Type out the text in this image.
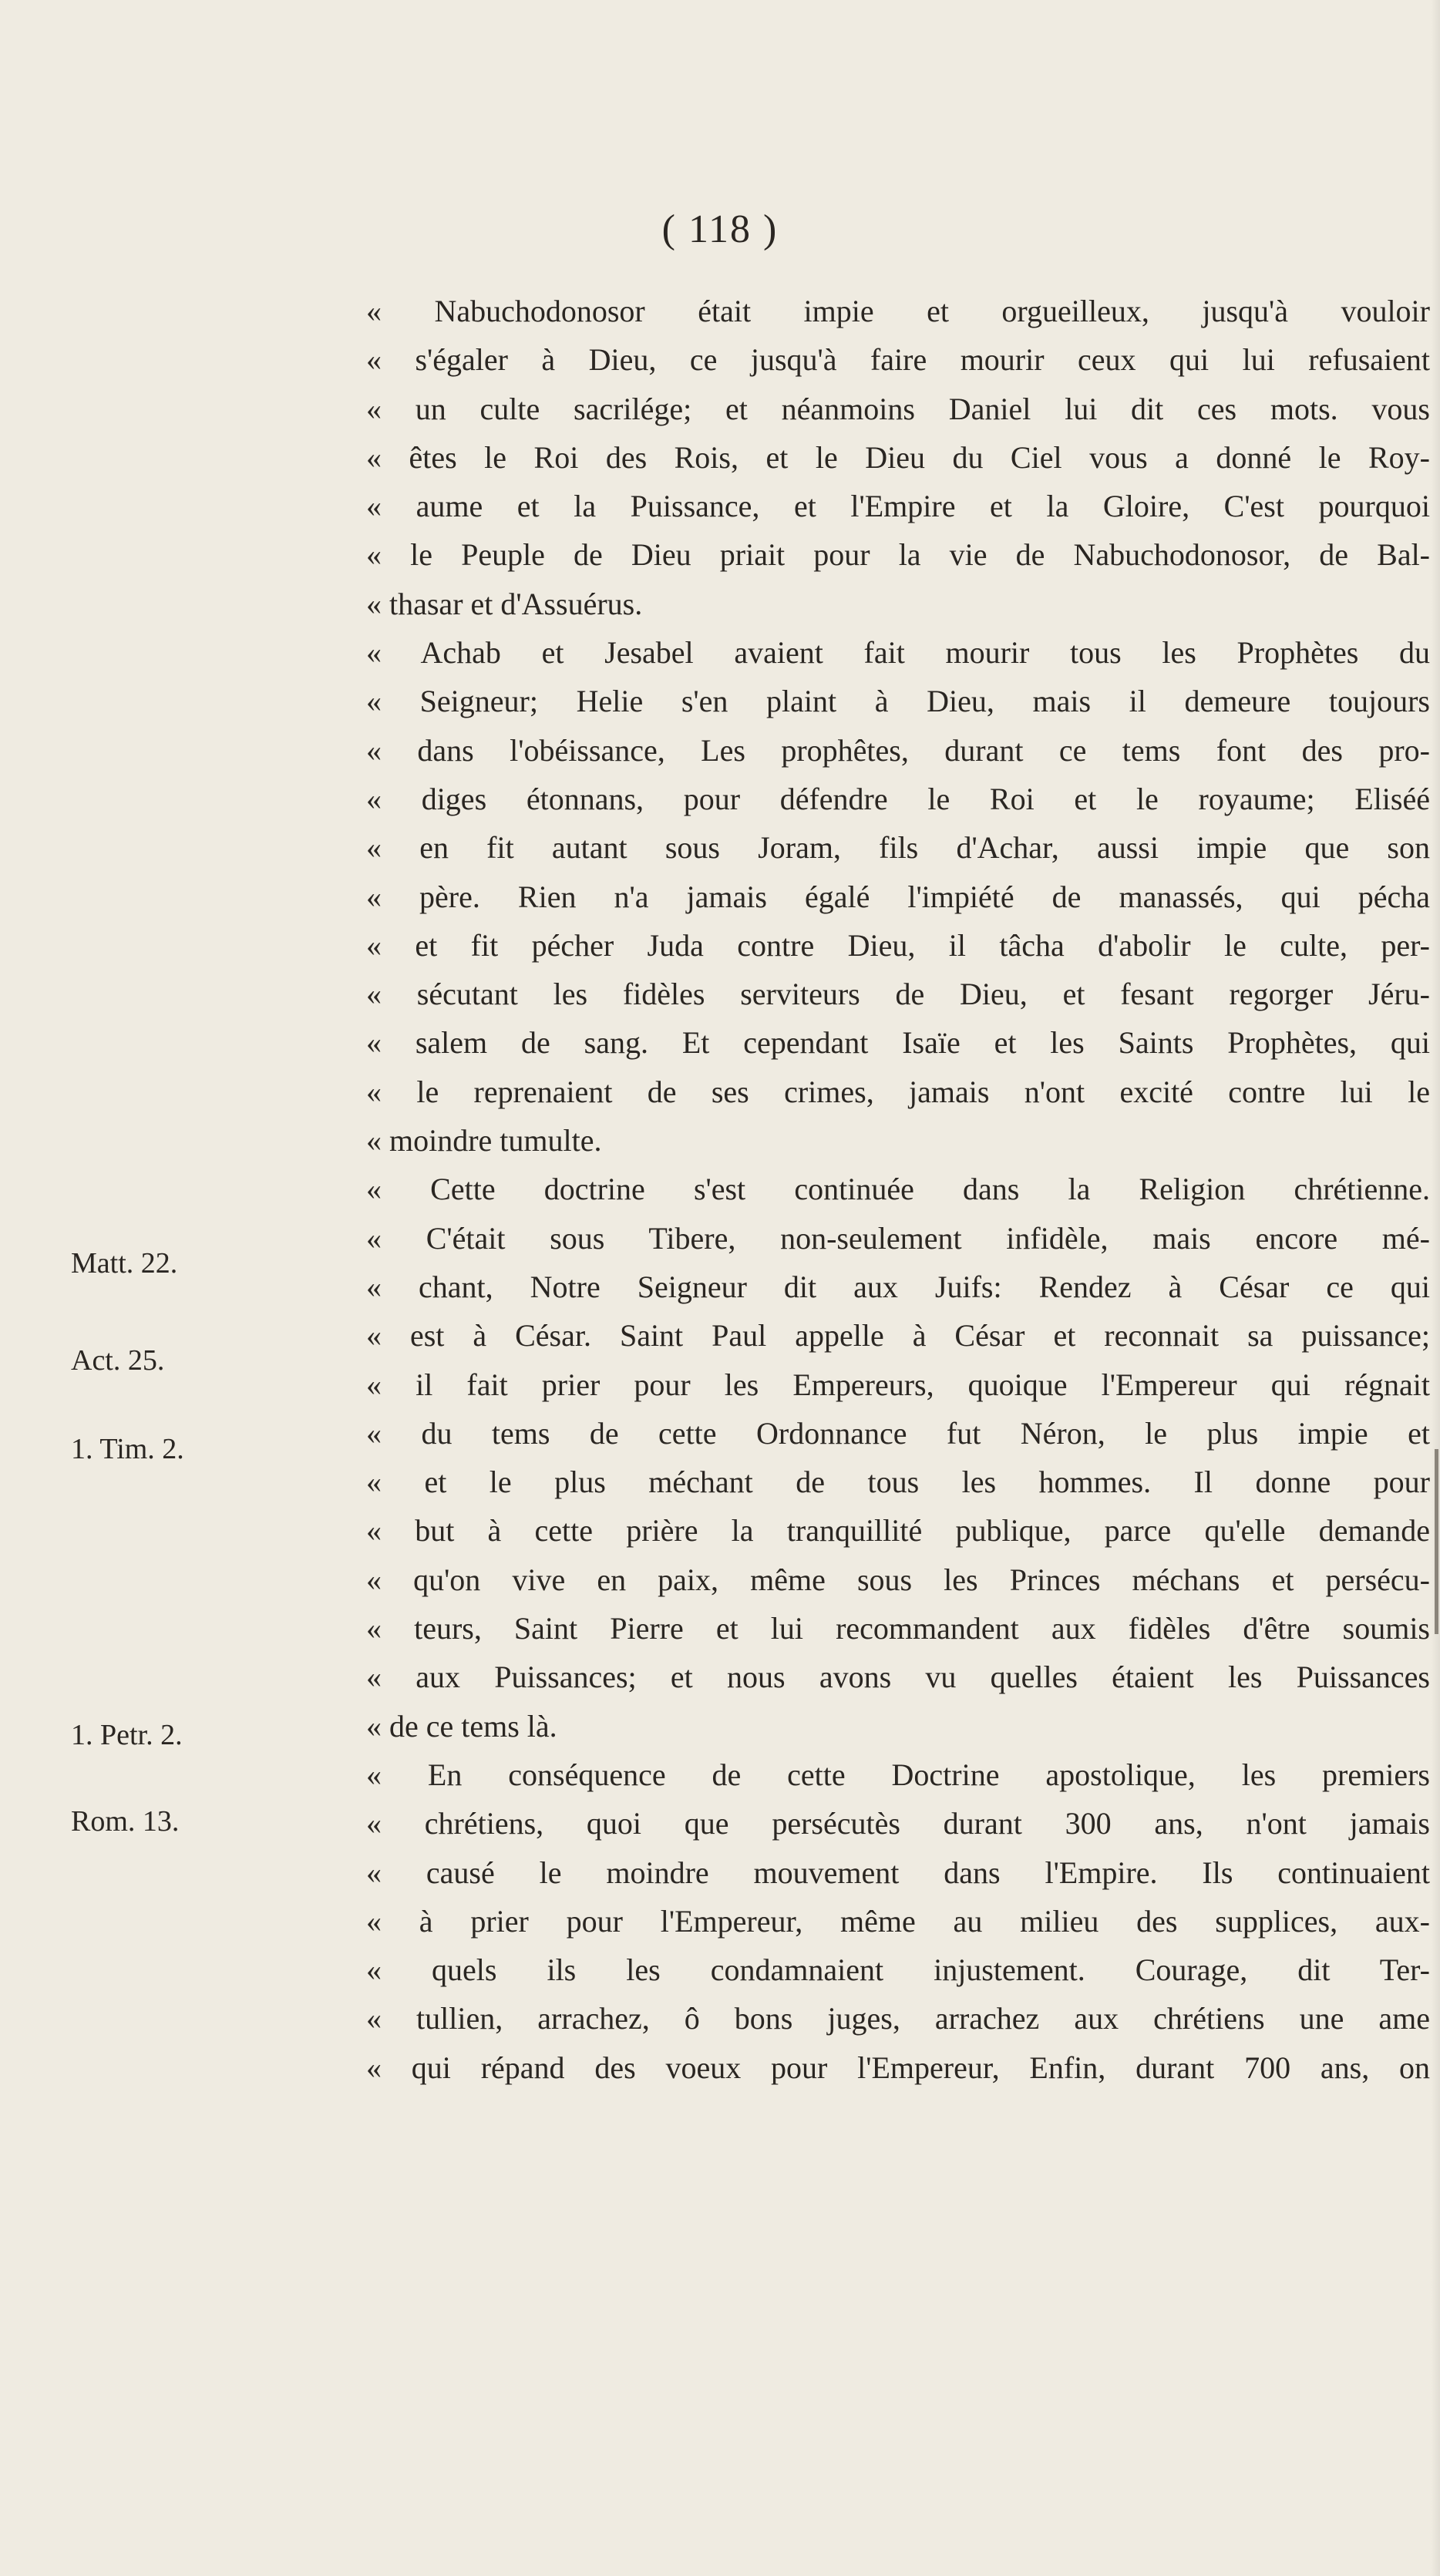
( 118 )
Matt. 22.
Act. 25.
1. Tim. 2.
1. Petr. 2.
Rom. 13.
« Nabuchodonosor était impie et orgueilleux, jusqu'à vouloir
« s'égaler à Dieu, ce jusqu'à faire mourir ceux qui lui refusaient
« un culte sacrilége; et néanmoins Daniel lui dit ces mots. vous
« êtes le Roi des Rois, et le Dieu du Ciel vous a donné le Roy-
« aume et la Puissance, et l'Empire et la Gloire, C'est pourquoi
« le Peuple de Dieu priait pour la vie de Nabuchodonosor, de Bal-
« thasar et d'Assuérus.
« Achab et Jesabel avaient fait mourir tous les Prophètes du
« Seigneur; Helie s'en plaint à Dieu, mais il demeure toujours
« dans l'obéissance, Les prophêtes, durant ce tems font des pro-
« diges étonnans, pour défendre le Roi et le royaume; Eliséé
« en fit autant sous Joram, fils d'Achar, aussi impie que son
« père. Rien n'a jamais égalé l'impiété de manassés, qui pécha
« et fit pécher Juda contre Dieu, il tâcha d'abolir le culte, per-
« sécutant les fidèles serviteurs de Dieu, et fesant regorger Jéru-
« salem de sang. Et cependant Isaïe et les Saints Prophètes, qui
« le reprenaient de ses crimes, jamais n'ont excité contre lui le
« moindre tumulte.
« Cette doctrine s'est continuée dans la Religion chrétienne.
« C'était sous Tibere, non-seulement infidèle, mais encore mé-
« chant, Notre Seigneur dit aux Juifs: Rendez à César ce qui
« est à César. Saint Paul appelle à César et reconnait sa puissance;
« il fait prier pour les Empereurs, quoique l'Empereur qui régnait
« du tems de cette Ordonnance fut Néron, le plus impie et
« et le plus méchant de tous les hommes. Il donne pour
« but à cette prière la tranquillité publique, parce qu'elle demande
« qu'on vive en paix, même sous les Princes méchans et persécu-
« teurs, Saint Pierre et lui recommandent aux fidèles d'être soumis
« aux Puissances; et nous avons vu quelles étaient les Puissances
« de ce tems là.
« En conséquence de cette Doctrine apostolique, les premiers
« chrétiens, quoi que persécutès durant 300 ans, n'ont jamais
« causé le moindre mouvement dans l'Empire. Ils continuaient
« à prier pour l'Empereur, même au milieu des supplices, aux-
« quels ils les condamnaient injustement. Courage, dit Ter-
« tullien, arrachez, ô bons juges, arrachez aux chrétiens une ame
« qui répand des voeux pour l'Empereur, Enfin, durant 700 ans, on
